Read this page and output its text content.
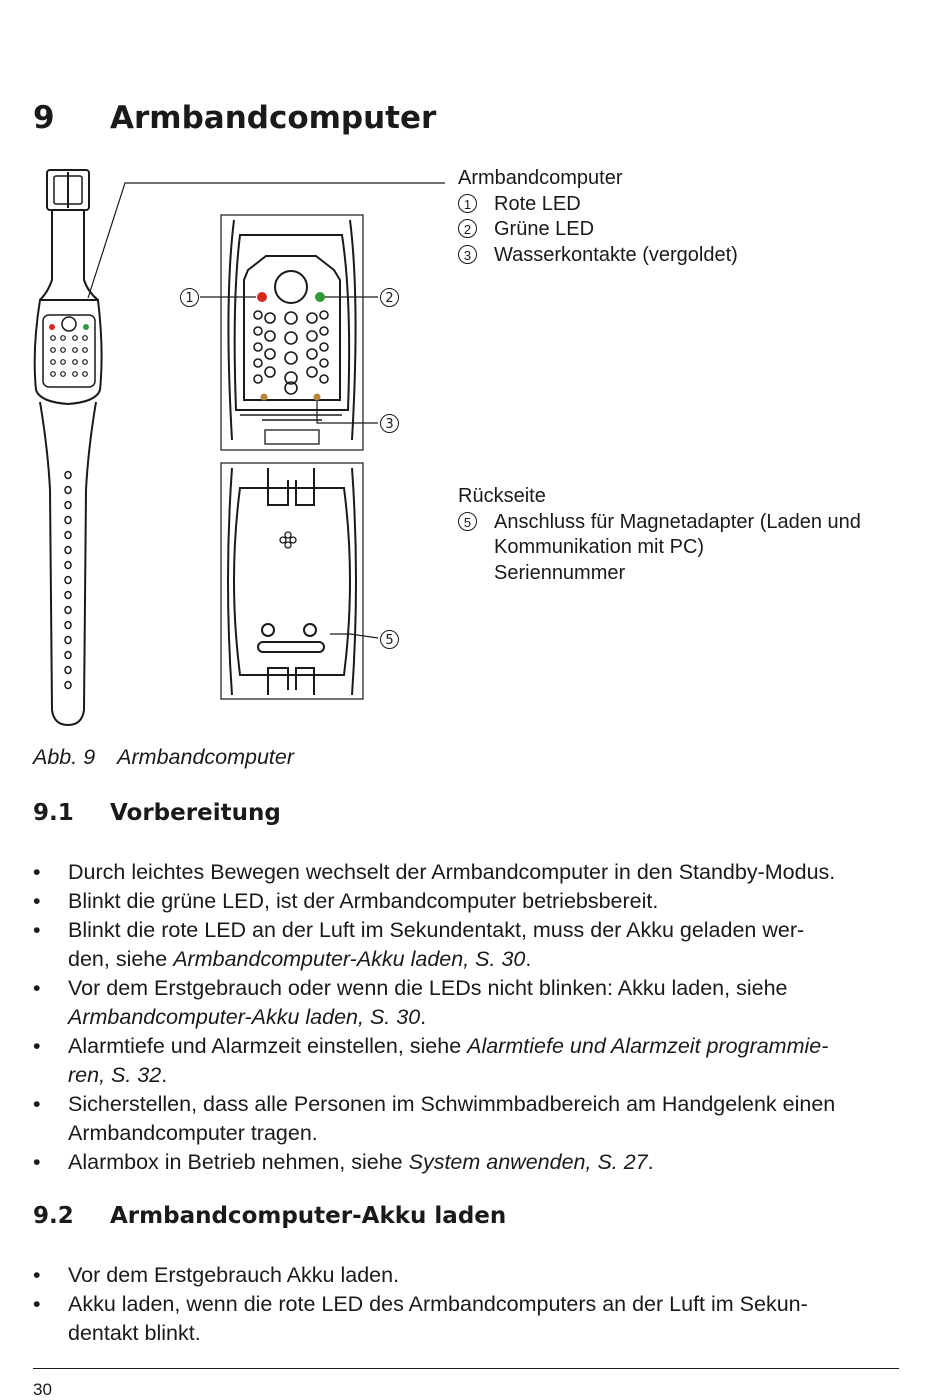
9 Armbandcomputer
1	2
3
5
Armbandcomputer
1	Rote LED
2	Grüne LED
3	Wasserkontakte (vergoldet)
Rückseite
5	Anschluss für Magnetadapter (Laden und
Kommunikation mit PC)
Seriennummer
Abb. 9 Armbandcomputer
9.1 Vorbereitung
• Durch leichtes Bewegen wechselt der Armbandcomputer in den Standby-Modus.
• Blinkt die grüne LED, ist der Armbandcomputer betriebsbereit.
• Blinkt die rote LED an der Luft im Sekundentakt, muss der Akku geladen wer-
den, siehe Armbandcomputer-Akku laden, S. 30.
• Vor dem Erstgebrauch oder wenn die LEDs nicht blinken: Akku laden, siehe
Armbandcomputer-Akku laden, S. 30.
• Alarmtiefe und Alarmzeit einstellen, siehe Alarmtiefe und Alarmzeit programmie-
ren, S. 32.
• Sicherstellen, dass alle Personen im Schwimmbadbereich am Handgelenk einen
Armbandcomputer tragen.
• Alarmbox in Betrieb nehmen, siehe System anwenden, S. 27.
9.2 Armbandcomputer-Akku laden
• Vor dem Erstgebrauch Akku laden.
• Akku laden, wenn die rote LED des Armbandcomputers an der Luft im Sekun-
dentakt blinkt.
30
